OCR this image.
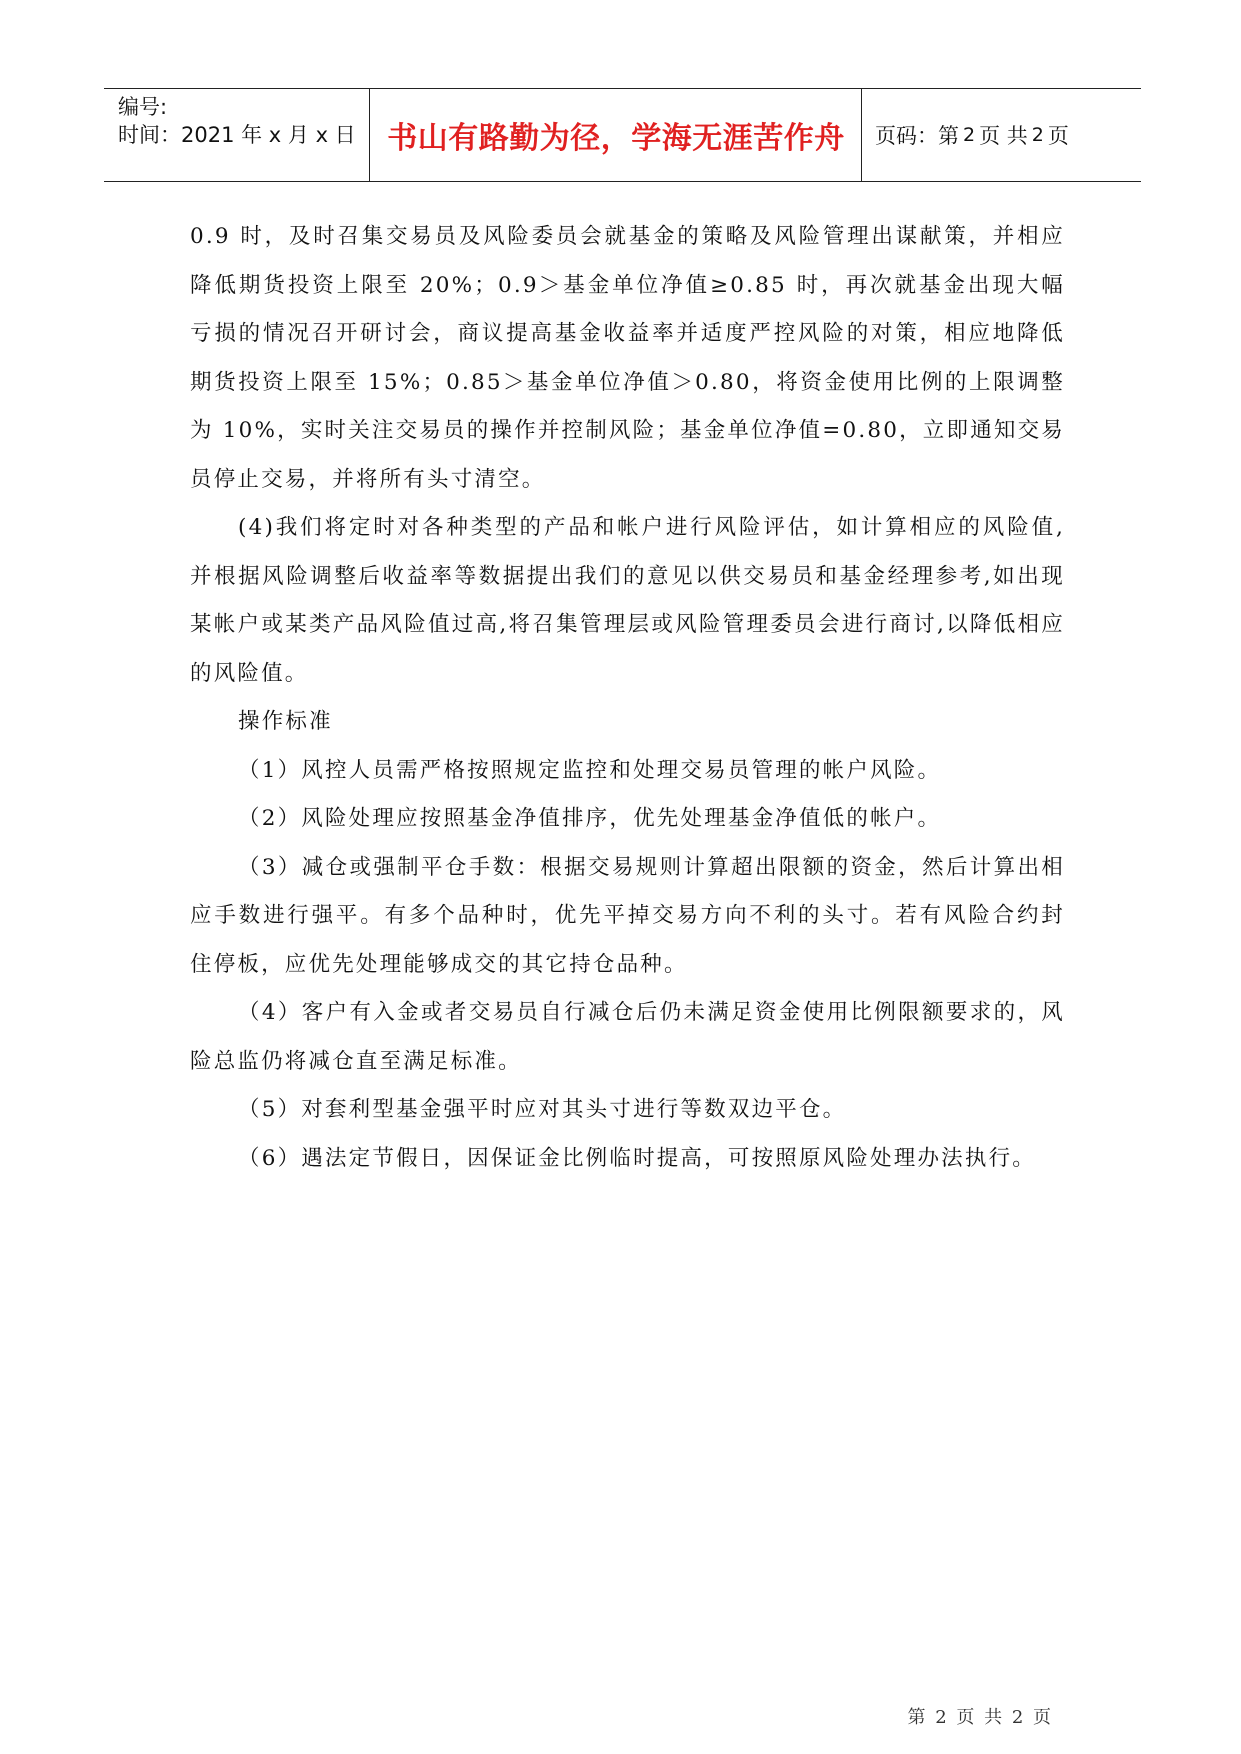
编号:
时间：2021 年 x 月 x 日	书山有路勤为径，学海无涯苦作舟	页码：第 2 页 共 2 页

0.9 时，及时召集交易员及风险委员会就基金的策略及风险管理出谋献策，并相应降低期货投资上限至 20%；0.9＞基金单位净值≥0.85 时，再次就基金出现大幅亏损的情况召开研讨会，商议提高基金收益率并适度严控风险的对策，相应地降低期货投资上限至 15%；0.85＞基金单位净值＞0.80，将资金使用比例的上限调整为 10%，实时关注交易员的操作并控制风险；基金单位净值=0.80，立即通知交易员停止交易，并将所有头寸清空。

(4)我们将定时对各种类型的产品和帐户进行风险评估，如计算相应的风险值,并根据风险调整后收益率等数据提出我们的意见以供交易员和基金经理参考,如出现某帐户或某类产品风险值过高,将召集管理层或风险管理委员会进行商讨,以降低相应的风险值。

操作标准

（1）风控人员需严格按照规定监控和处理交易员管理的帐户风险。

（2）风险处理应按照基金净值排序，优先处理基金净值低的帐户。

（3）减仓或强制平仓手数：根据交易规则计算超出限额的资金，然后计算出相应手数进行强平。有多个品种时，优先平掉交易方向不利的头寸。若有风险合约封住停板，应优先处理能够成交的其它持仓品种。

（4）客户有入金或者交易员自行减仓后仍未满足资金使用比例限额要求的，风险总监仍将减仓直至满足标准。

（5）对套利型基金强平时应对其头寸进行等数双边平仓。

（6）遇法定节假日，因保证金比例临时提高，可按照原风险处理办法执行。

第 2 页 共 2 页
